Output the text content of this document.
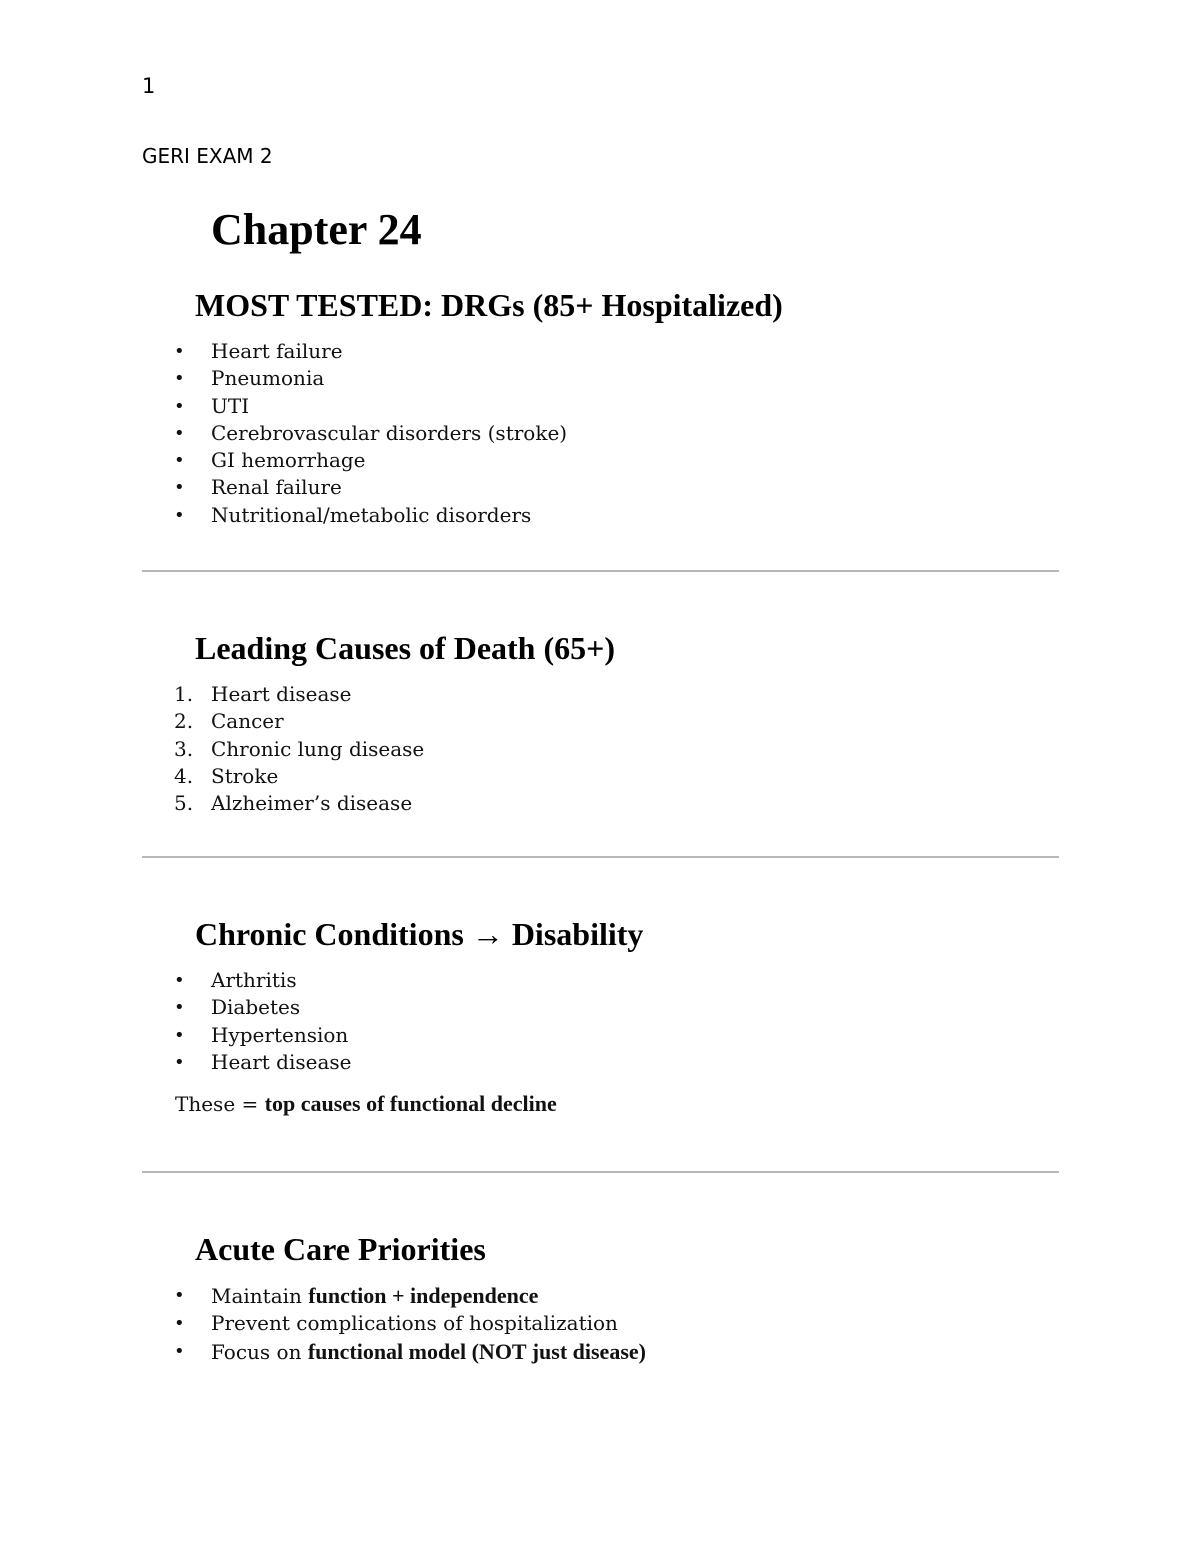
1
GERI EXAM 2
Chapter 24
MOST TESTED: DRGs (85+ Hospitalized)
• Heart failure
• Pneumonia
• UTI
• Cerebrovascular disorders (stroke)
• GI hemorrhage
• Renal failure
• Nutritional/metabolic disorders
Leading Causes of Death (65+)
1. Heart disease
2. Cancer
3. Chronic lung disease
4. Stroke
5. Alzheimer’s disease
Chronic Conditions → Disability
• Arthritis
• Diabetes
• Hypertension
• Heart disease

These = top causes of functional decline

Acute Care Priorities
• Maintain function + independence
• Prevent complications of hospitalization
• Focus on functional model (NOT just disease)
